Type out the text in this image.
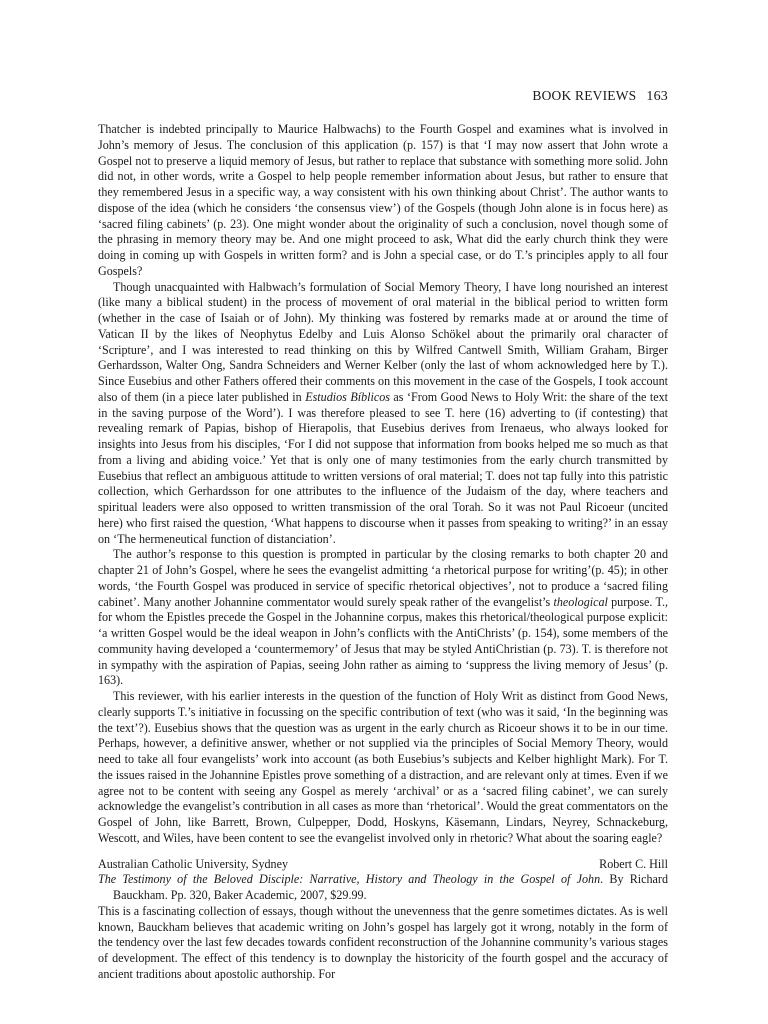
BOOK REVIEWS 163

Thatcher is indebted principally to Maurice Halbwachs) to the Fourth Gospel and examines what is involved in John’s memory of Jesus. The conclusion of this application (p. 157) is that ‘I may now assert that John wrote a Gospel not to preserve a liquid memory of Jesus, but rather to replace that substance with something more solid. John did not, in other words, write a Gospel to help people remember information about Jesus, but rather to ensure that they remembered Jesus in a specific way, a way consistent with his own thinking about Christ’. The author wants to dispose of the idea (which he considers ‘the consensus view’) of the Gospels (though John alone is in focus here) as ‘sacred filing cabinets’ (p. 23). One might wonder about the originality of such a conclusion, novel though some of the phrasing in memory theory may be. And one might proceed to ask, What did the early church think they were doing in coming up with Gospels in written form? and is John a special case, or do T.’s principles apply to all four Gospels?

Though unacquainted with Halbwach’s formulation of Social Memory Theory, I have long nourished an interest (like many a biblical student) in the process of movement of oral material in the biblical period to written form (whether in the case of Isaiah or of John). My thinking was fostered by remarks made at or around the time of Vatican II by the likes of Neophytus Edelby and Luis Alonso Schökel about the primarily oral character of ‘Scripture’, and I was interested to read thinking on this by Wilfred Cantwell Smith, William Graham, Birger Gerhardsson, Walter Ong, Sandra Schneiders and Werner Kelber (only the last of whom acknowledged here by T.). Since Eusebius and other Fathers offered their comments on this movement in the case of the Gospels, I took account also of them (in a piece later published in Estudios Bíblicos as ‘From Good News to Holy Writ: the share of the text in the saving purpose of the Word’). I was therefore pleased to see T. here (16) adverting to (if contesting) that revealing remark of Papias, bishop of Hierapolis, that Eusebius derives from Irenaeus, who always looked for insights into Jesus from his disciples, ‘For I did not suppose that information from books helped me so much as that from a living and abiding voice.’ Yet that is only one of many testimonies from the early church transmitted by Eusebius that reflect an ambiguous attitude to written versions of oral material; T. does not tap fully into this patristic collection, which Gerhardsson for one attributes to the influence of the Judaism of the day, where teachers and spiritual leaders were also opposed to written transmission of the oral Torah. So it was not Paul Ricoeur (uncited here) who first raised the question, ‘What happens to discourse when it passes from speaking to writing?’ in an essay on ‘The hermeneutical function of distanciation’.

The author’s response to this question is prompted in particular by the closing remarks to both chapter 20 and chapter 21 of John’s Gospel, where he sees the evangelist admitting ‘a rhetorical purpose for writing’(p. 45); in other words, ‘the Fourth Gospel was produced in service of specific rhetorical objectives’, not to produce a ‘sacred filing cabinet’. Many another Johannine commentator would surely speak rather of the evangelist’s theological purpose. T., for whom the Epistles precede the Gospel in the Johannine corpus, makes this rhetorical/theological purpose explicit: ‘a written Gospel would be the ideal weapon in John’s conflicts with the AntiChrists’ (p. 154), some members of the community having developed a ‘countermemory’ of Jesus that may be styled AntiChristian (p. 73). T. is therefore not in sympathy with the aspiration of Papias, seeing John rather as aiming to ‘suppress the living memory of Jesus’ (p. 163).

This reviewer, with his earlier interests in the question of the function of Holy Writ as distinct from Good News, clearly supports T.’s initiative in focussing on the specific contribution of text (who was it said, ‘In the beginning was the text’?). Eusebius shows that the question was as urgent in the early church as Ricoeur shows it to be in our time. Perhaps, however, a definitive answer, whether or not supplied via the principles of Social Memory Theory, would need to take all four evangelists’ work into account (as both Eusebius’s subjects and Kelber highlight Mark). For T. the issues raised in the Johannine Epistles prove something of a distraction, and are relevant only at times. Even if we agree not to be content with seeing any Gospel as merely ‘archival’ or as a ‘sacred filing cabinet’, we can surely acknowledge the evangelist’s contribution in all cases as more than ‘rhetorical’. Would the great commentators on the Gospel of John, like Barrett, Brown, Culpepper, Dodd, Hoskyns, Käsemann, Lindars, Neyrey, Schnackeburg, Wescott, and Wiles, have been content to see the evangelist involved only in rhetoric? What about the soaring eagle?

Australian Catholic University, Sydney	Robert C. Hill

The Testimony of the Beloved Disciple: Narrative, History and Theology in the Gospel of John. By Richard Bauckham. Pp. 320, Baker Academic, 2007, $29.99.

This is a fascinating collection of essays, though without the unevenness that the genre sometimes dictates. As is well known, Bauckham believes that academic writing on John’s gospel has largely got it wrong, notably in the form of the tendency over the last few decades towards confident reconstruction of the Johannine community’s various stages of development. The effect of this tendency is to downplay the historicity of the fourth gospel and the accuracy of ancient traditions about apostolic authorship. For
